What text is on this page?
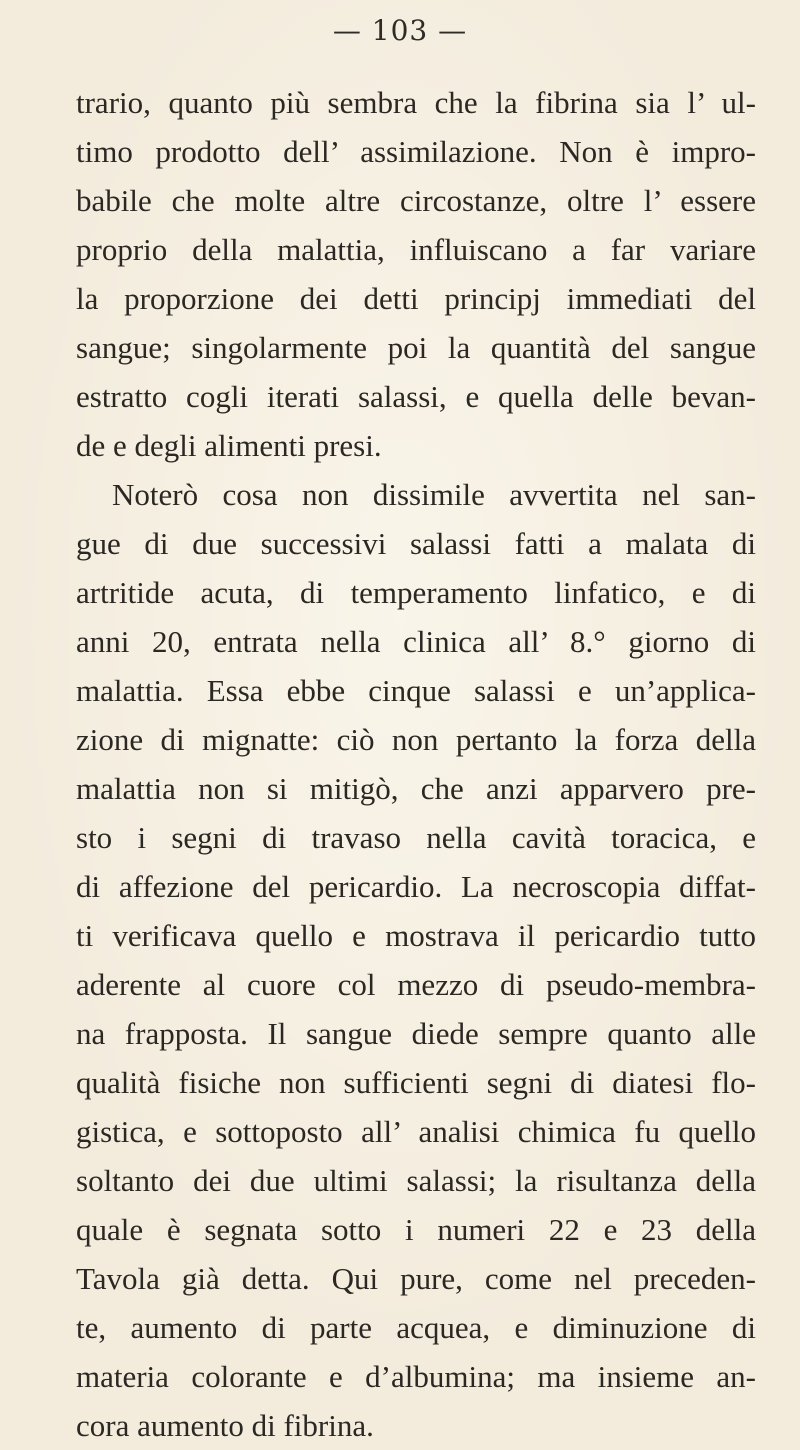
— 103 —
trario, quanto più sembra che la fibrina sia l’ ul-
timo prodotto dell’ assimilazione. Non è impro-
babile che molte altre circostanze, oltre l’ essere
proprio della malattia, influiscano a far variare
la proporzione dei detti principj immediati del
sangue; singolarmente poi la quantità del sangue
estratto cogli iterati salassi, e quella delle bevan-
de e degli alimenti presi.
Noterò cosa non dissimile avvertita nel san-
gue di due successivi salassi fatti a malata di
artritide acuta, di temperamento linfatico, e di
anni 20, entrata nella clinica all’ 8.° giorno di
malattia. Essa ebbe cinque salassi e un’applica-
zione di mignatte: ciò non pertanto la forza della
malattia non si mitigò, che anzi apparvero pre-
sto i segni di travaso nella cavità toracica, e
di affezione del pericardio. La necroscopia diffat-
ti verificava quello e mostrava il pericardio tutto
aderente al cuore col mezzo di pseudo-membra-
na frapposta. Il sangue diede sempre quanto alle
qualità fisiche non sufficienti segni di diatesi flo-
gistica, e sottoposto all’ analisi chimica fu quello
soltanto dei due ultimi salassi; la risultanza della
quale è segnata sotto i numeri 22 e 23 della
Tavola già detta. Qui pure, come nel preceden-
te, aumento di parte acquea, e diminuzione di
materia colorante e d’albumina; ma insieme an-
cora aumento di fibrina.
